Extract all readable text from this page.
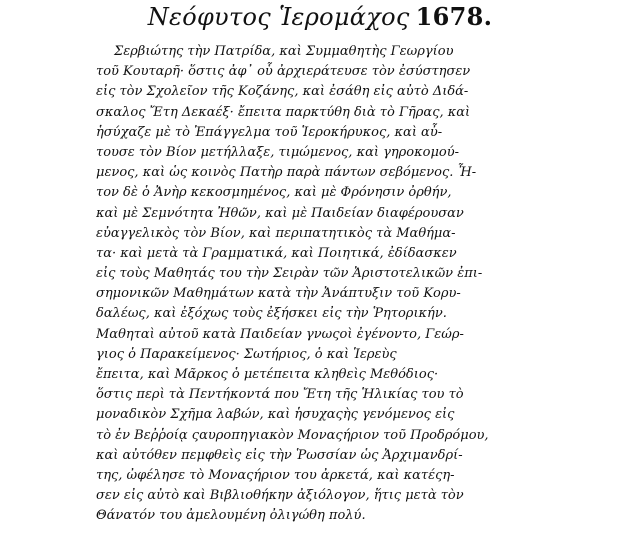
Νεόφυτος Ἱερομάχος 1678.
Σερβιώτης τὴν Πατρίδα, καὶ Συμμαθητὴς Γεωργίου
τοῦ Κουταρῆ· ὅστις ἀφ᾽ οὗ ἀρχιεράτευσε τὸν ἐσύστησεν
εἰς τὸν Σχολεῖον τῆς Κοζάνης, καὶ ἐσάθη εἰς αὐτὸ Διδά-
σκαλος Ἔτη Δεκαέξ· ἔπειτα παρκτύθη διὰ τὸ Γῆρας, καὶ
ἡσύχαζε μὲ τὸ Ἐπάγγελμα τοῦ Ἱεροκήρυκος, καὶ αὖ-
τουσε τὸν Βίον μετήλλαξε, τιμώμενος, καὶ γηροκομού-
μενος, καὶ ὡς κοινὸς Πατὴρ παρὰ πάντων σεβόμενος. Ἦ-
τον δὲ ὁ Ἀνὴρ κεκοσμημένος, καὶ μὲ Φρόνησιν ὀρθήν,
καὶ μὲ Σεμνότητα Ἠθῶν, καὶ μὲ Παιδείαν διαφέρουσαν
εὐαγγελικὸς τὸν Βίον, καὶ περιπατητικὸς τὰ Μαθήμα-
τα· καὶ μετὰ τὰ Γραμματικά, καὶ Ποιητικά, ἐδίδασκεν
εἰς τοὺς Μαθητάς του τὴν Σειρὰν τῶν Ἀριστοτελικῶν ἐπι-
σημονικῶν Μαθημάτων κατὰ τὴν Ἀνάπτυξιν τοῦ Κορυ-
δαλέως, καὶ ἐξόχως τοὺς ἐξήσκει εἰς τὴν Ῥητορικήν.
Μαθηταὶ αὐτοῦ κατὰ Παιδείαν γνωςοὶ ἐγένοντο, Γεώρ-
γιος ὁ Παρακείμενος· Σωτήριος, ὁ καὶ Ἱερεὺς
ἔπειτα, καὶ Μᾶρκος ὁ μετέπειτα κληθεὶς Μεθόδιος·
ὅστις περὶ τὰ Πεντήκοντά που Ἔτη τῆς Ἡλικίας του τὸ
μοναδικὸν Σχῆμα λαβών, καὶ ἡσυχαςὴς γενόμενος εἰς
τὸ ἐν Βεῤῥοίᾳ ςαυροπηγιακὸν Μοναςήριον τοῦ Προδρόμου,
καὶ αὐτόθεν πεμφθεὶς εἰς τὴν Ῥωσσίαν ὡς Ἀρχιμανδρί-
της, ὠφέλησε τὸ Μοναςήριον του ἀρκετά, καὶ κατέςη-
σεν εἰς αὐτὸ καὶ Βιβλιοθήκην ἀξιόλογον, ἥτις μετὰ τὸν
Θάνατόν του ἀμελουμένη ὀλιγώθη πολύ.
